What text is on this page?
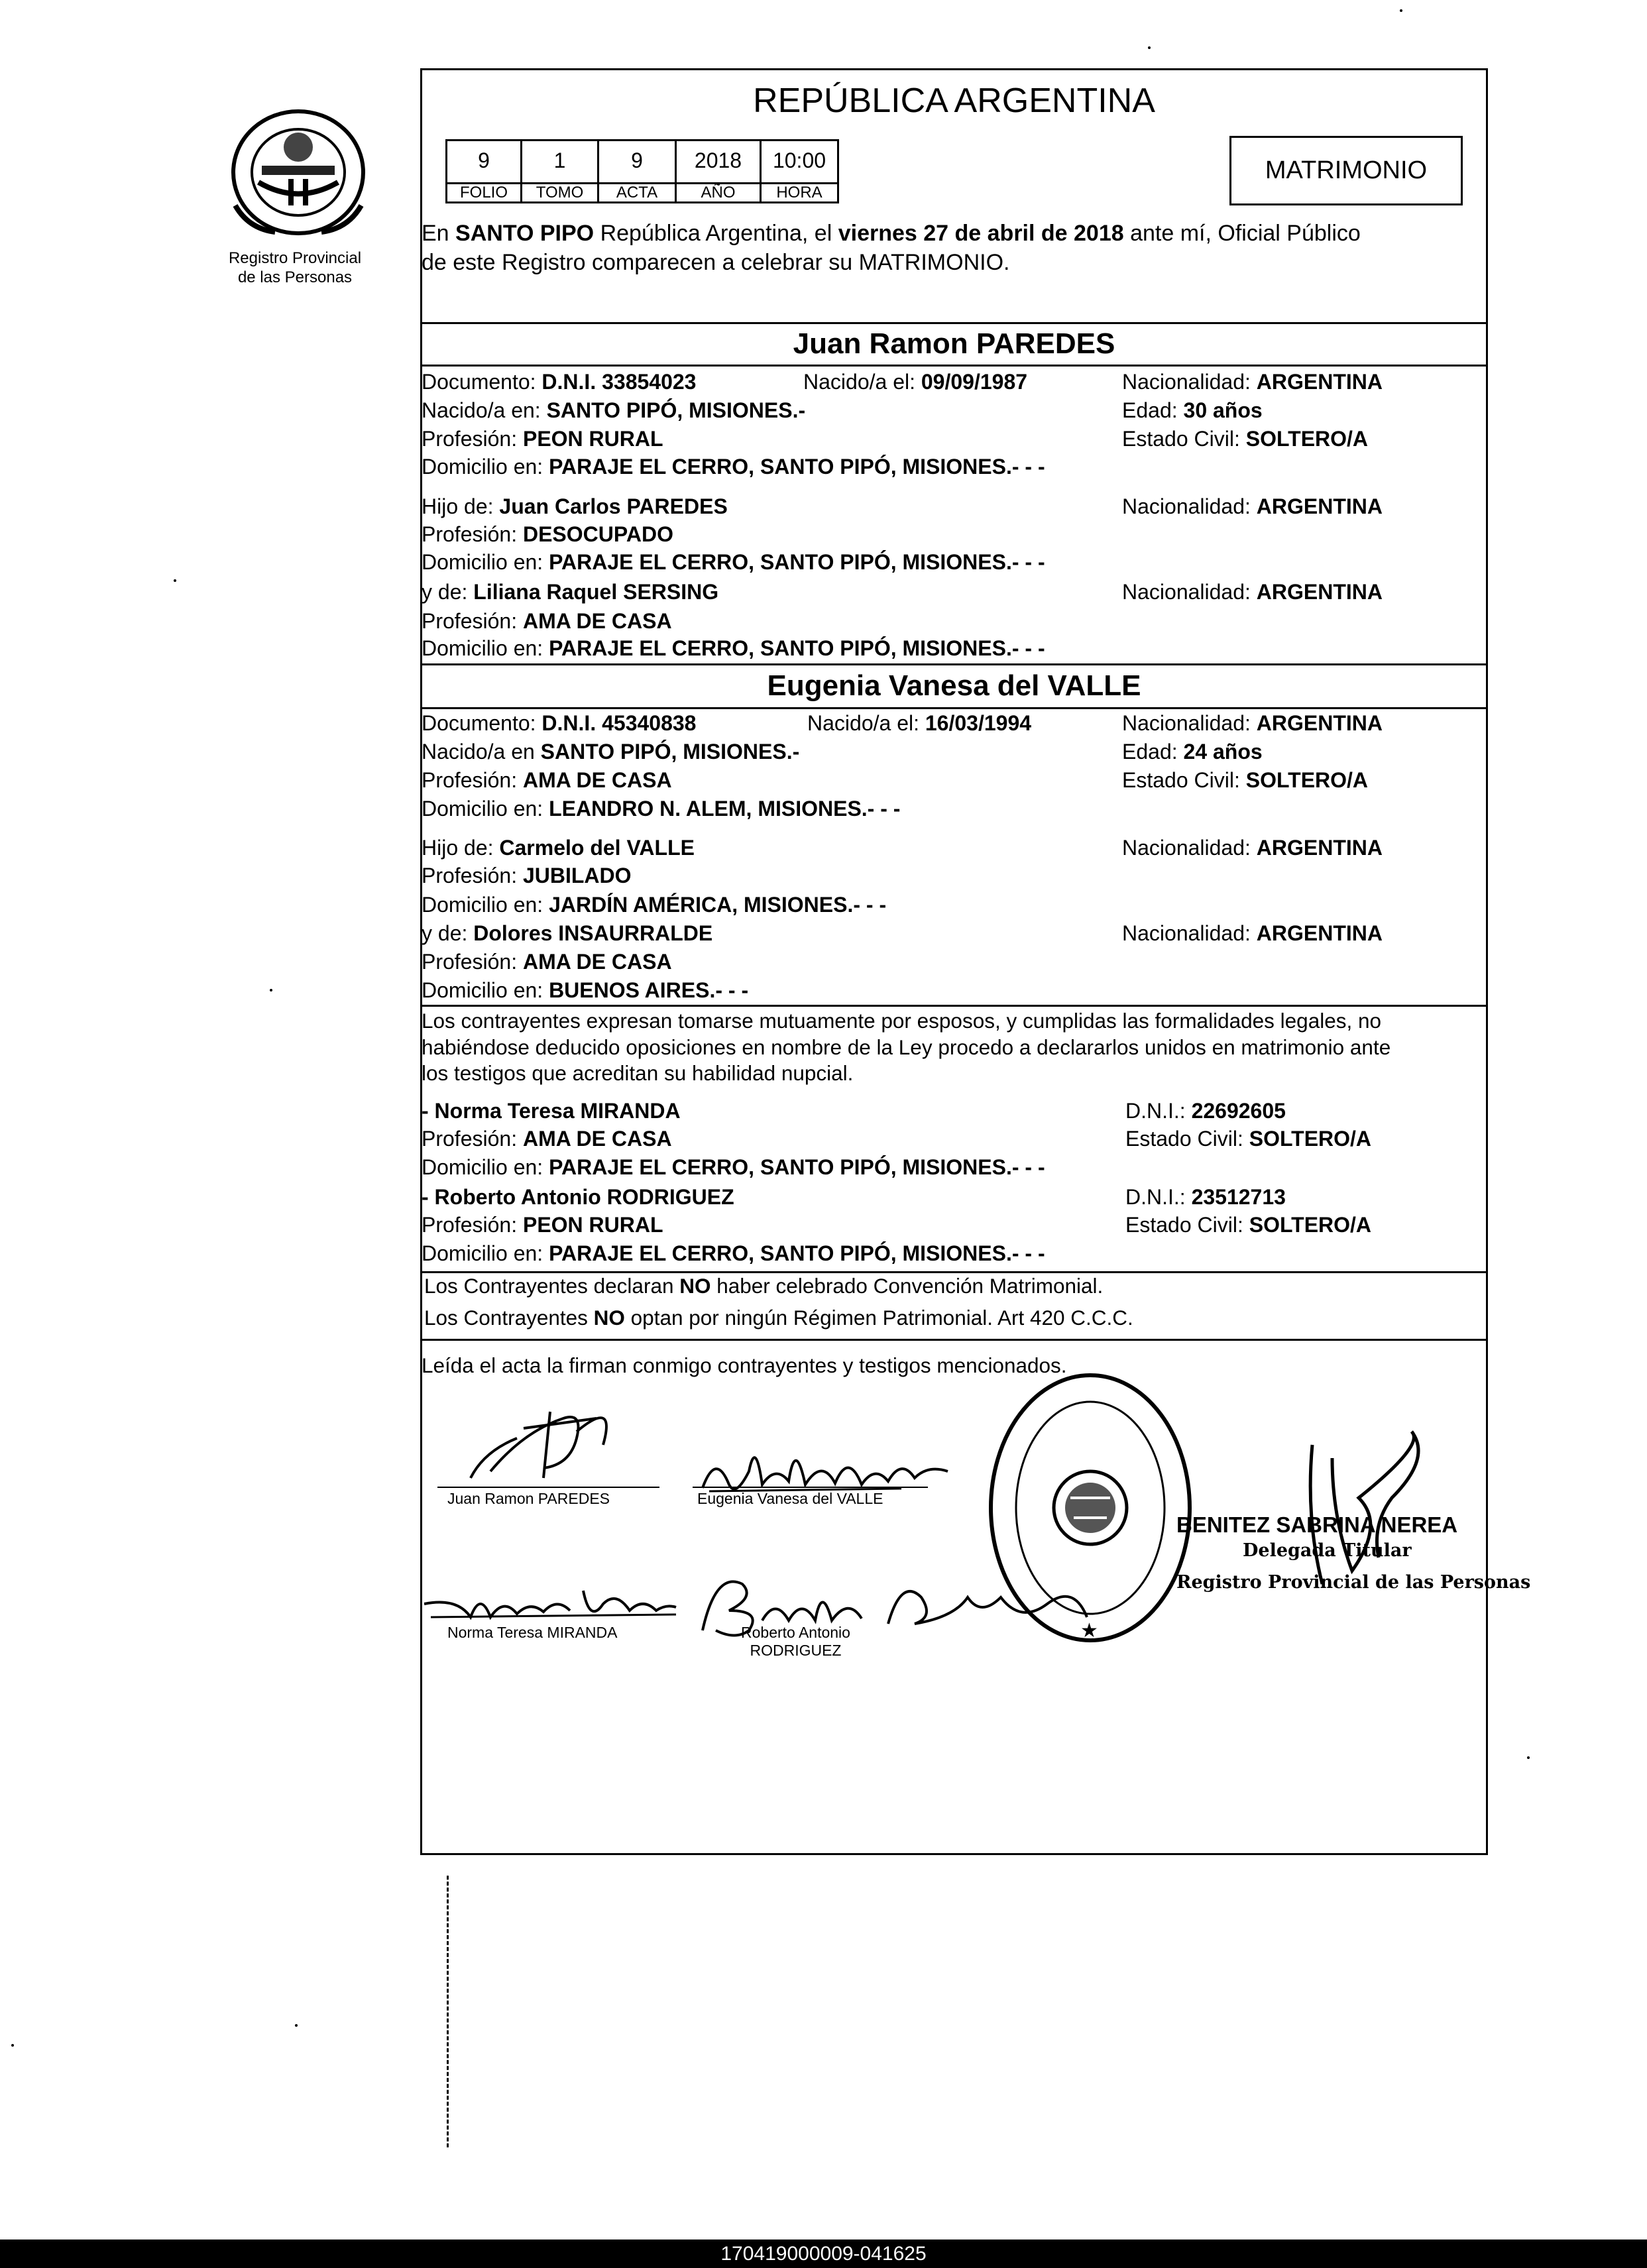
Registro Provincial
de las Personas
REPÚBLICA ARGENTINA
9	1	9	2018	10:00
FOLIO	TOMO	ACTA	AÑO	HORA
MATRIMONIO
En SANTO PIPO República Argentina, el viernes 27 de abril de 2018 ante mí, Oficial Público
de este Registro comparecen a celebrar su MATRIMONIO.
Juan Ramon PAREDES
Documento: D.N.I. 33854023	Nacido/a el: 09/09/1987	Nacionalidad: ARGENTINA
Nacido/a en: SANTO PIPÓ, MISIONES.-	Edad: 30 años
Profesión: PEON RURAL	Estado Civil: SOLTERO/A
Domicilio en: PARAJE EL CERRO, SANTO PIPÓ, MISIONES.- - -
Hijo de: Juan Carlos PAREDES	Nacionalidad: ARGENTINA
Profesión: DESOCUPADO
Domicilio en: PARAJE EL CERRO, SANTO PIPÓ, MISIONES.- - -
y de: Liliana Raquel SERSING	Nacionalidad: ARGENTINA
Profesión: AMA DE CASA
Domicilio en: PARAJE EL CERRO, SANTO PIPÓ, MISIONES.- - -
Eugenia Vanesa del VALLE
Documento: D.N.I. 45340838	Nacido/a el: 16/03/1994	Nacionalidad: ARGENTINA
Nacido/a en SANTO PIPÓ, MISIONES.-	Edad: 24 años
Profesión: AMA DE CASA	Estado Civil: SOLTERO/A
Domicilio en: LEANDRO N. ALEM, MISIONES.- - -
Hijo de: Carmelo del VALLE	Nacionalidad: ARGENTINA
Profesión: JUBILADO
Domicilio en: JARDÍN AMÉRICA, MISIONES.- - -
y de: Dolores INSAURRALDE	Nacionalidad: ARGENTINA
Profesión: AMA DE CASA
Domicilio en: BUENOS AIRES.- - -
Los contrayentes expresan tomarse mutuamente por esposos, y cumplidas las formalidades legales, no
habiéndose deducido oposiciones en nombre de la Ley procedo a declararlos unidos en matrimonio ante
los testigos que acreditan su habilidad nupcial.
- Norma Teresa MIRANDA	D.N.I.: 22692605
Profesión: AMA DE CASA	Estado Civil: SOLTERO/A
Domicilio en: PARAJE EL CERRO, SANTO PIPÓ, MISIONES.- - -
- Roberto Antonio RODRIGUEZ	D.N.I.: 23512713
Profesión: PEON RURAL	Estado Civil: SOLTERO/A
Domicilio en: PARAJE EL CERRO, SANTO PIPÓ, MISIONES.- - -
Los Contrayentes declaran NO haber celebrado Convención Matrimonial.
Los Contrayentes NO optan por ningún Régimen Patrimonial. Art 420 C.C.C.
Leída el acta la firman conmigo contrayentes y testigos mencionados.
Juan Ramon PAREDES	Eugenia Vanesa del VALLE
Norma Teresa MIRANDA	Roberto Antonio
RODRIGUEZ
★
BENITEZ SABRINA NEREA
Delegada Titular
Registro Provincial de las Personas
170419000009-041625
